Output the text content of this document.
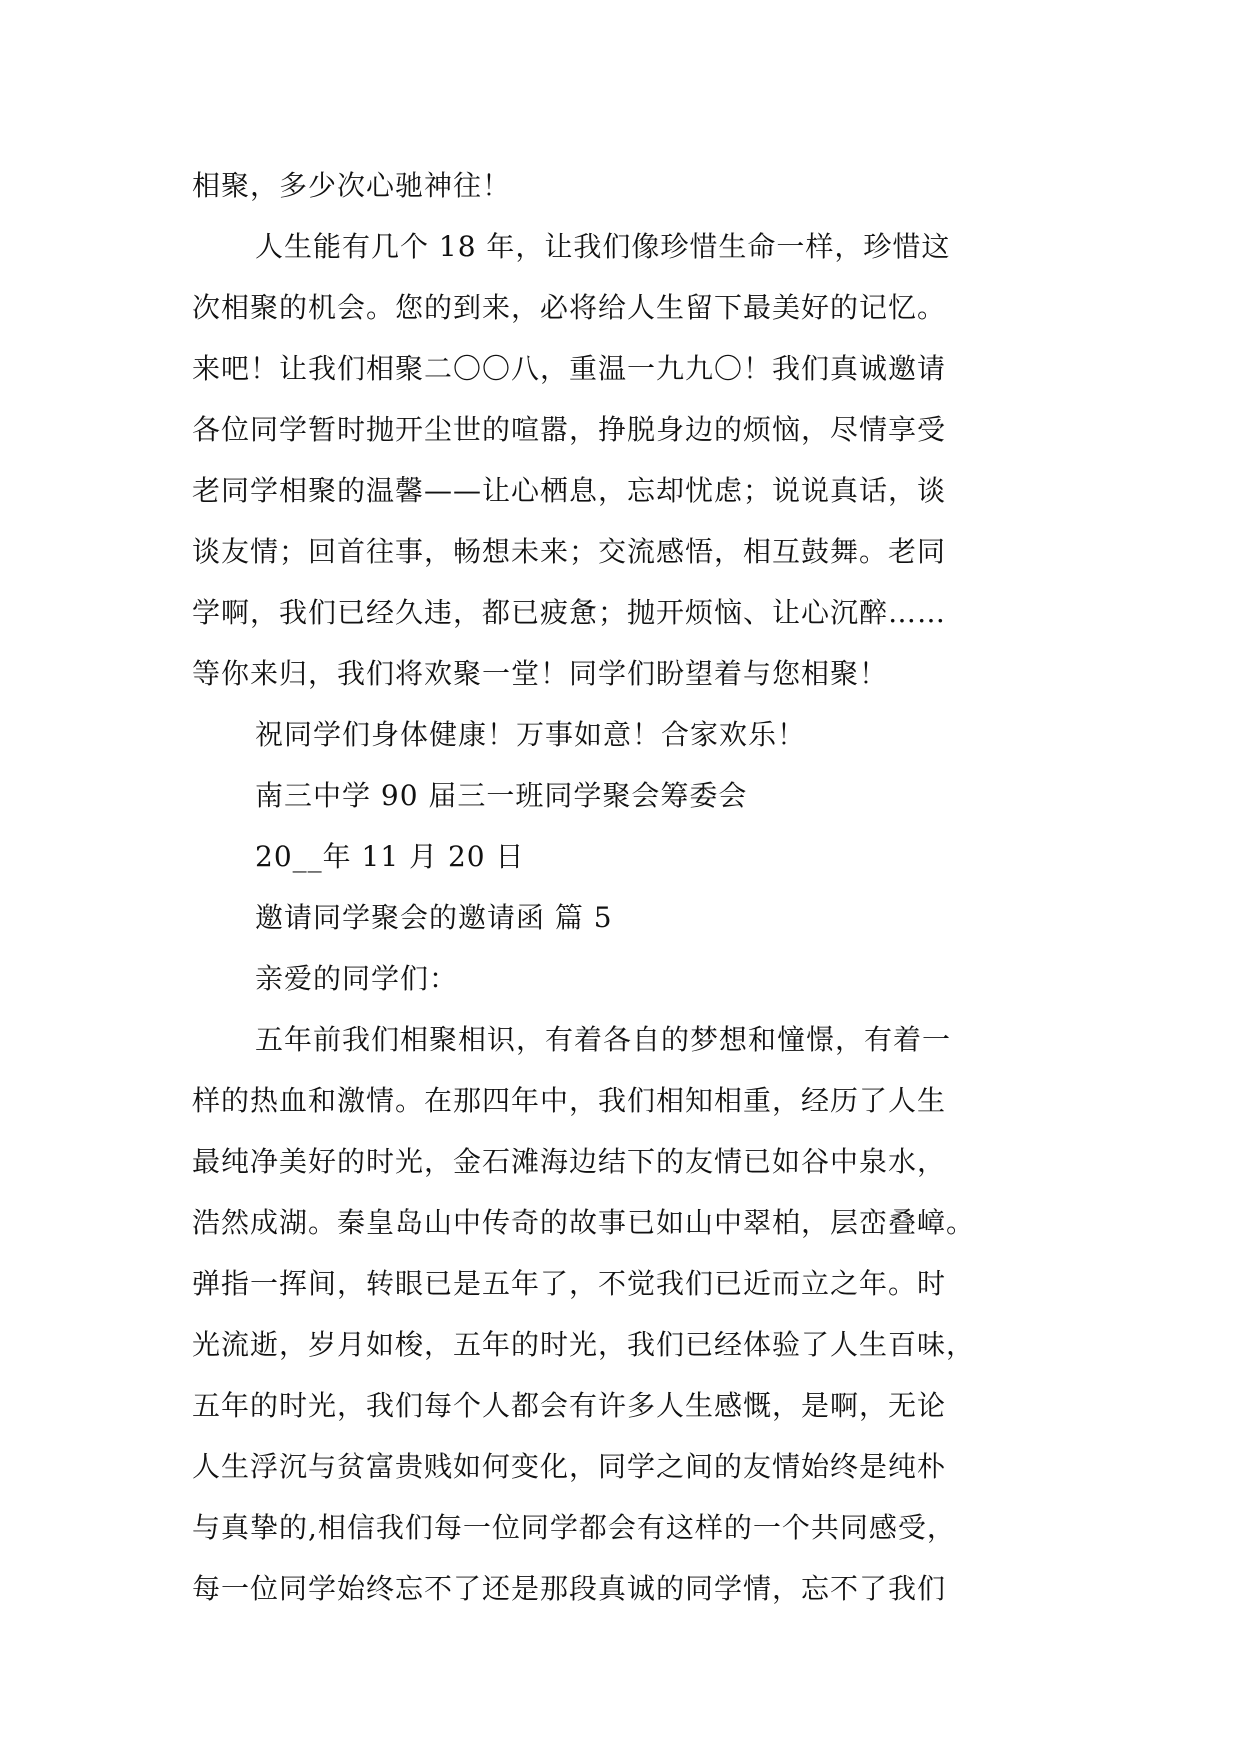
相聚，多少次心驰神往！
人生能有几个 18 年，让我们像珍惜生命一样，珍惜这
次相聚的机会。您的到来，必将给人生留下最美好的记忆。
来吧！让我们相聚二〇〇八，重温一九九〇！我们真诚邀请
各位同学暂时抛开尘世的喧嚣，挣脱身边的烦恼，尽情享受
老同学相聚的温馨——让心栖息，忘却忧虑；说说真话，谈
谈友情；回首往事，畅想未来；交流感悟，相互鼓舞。老同
学啊，我们已经久违，都已疲惫；抛开烦恼、让心沉醉……
等你来归，我们将欢聚一堂！同学们盼望着与您相聚！
祝同学们身体健康！万事如意！合家欢乐！
南三中学 90 届三一班同学聚会筹委会
20__年 11 月 20 日
邀请同学聚会的邀请函 篇 5
亲爱的同学们：
五年前我们相聚相识，有着各自的梦想和憧憬，有着一
样的热血和激情。在那四年中，我们相知相重，经历了人生
最纯净美好的时光，金石滩海边结下的友情已如谷中泉水，
浩然成湖。秦皇岛山中传奇的故事已如山中翠柏，层峦叠嶂。
弹指一挥间，转眼已是五年了，不觉我们已近而立之年。时
光流逝，岁月如梭，五年的时光，我们已经体验了人生百味，
五年的时光，我们每个人都会有许多人生感慨，是啊，无论
人生浮沉与贫富贵贱如何变化，同学之间的友情始终是纯朴
与真挚的,相信我们每一位同学都会有这样的一个共同感受，
每一位同学始终忘不了还是那段真诚的同学情，忘不了我们
